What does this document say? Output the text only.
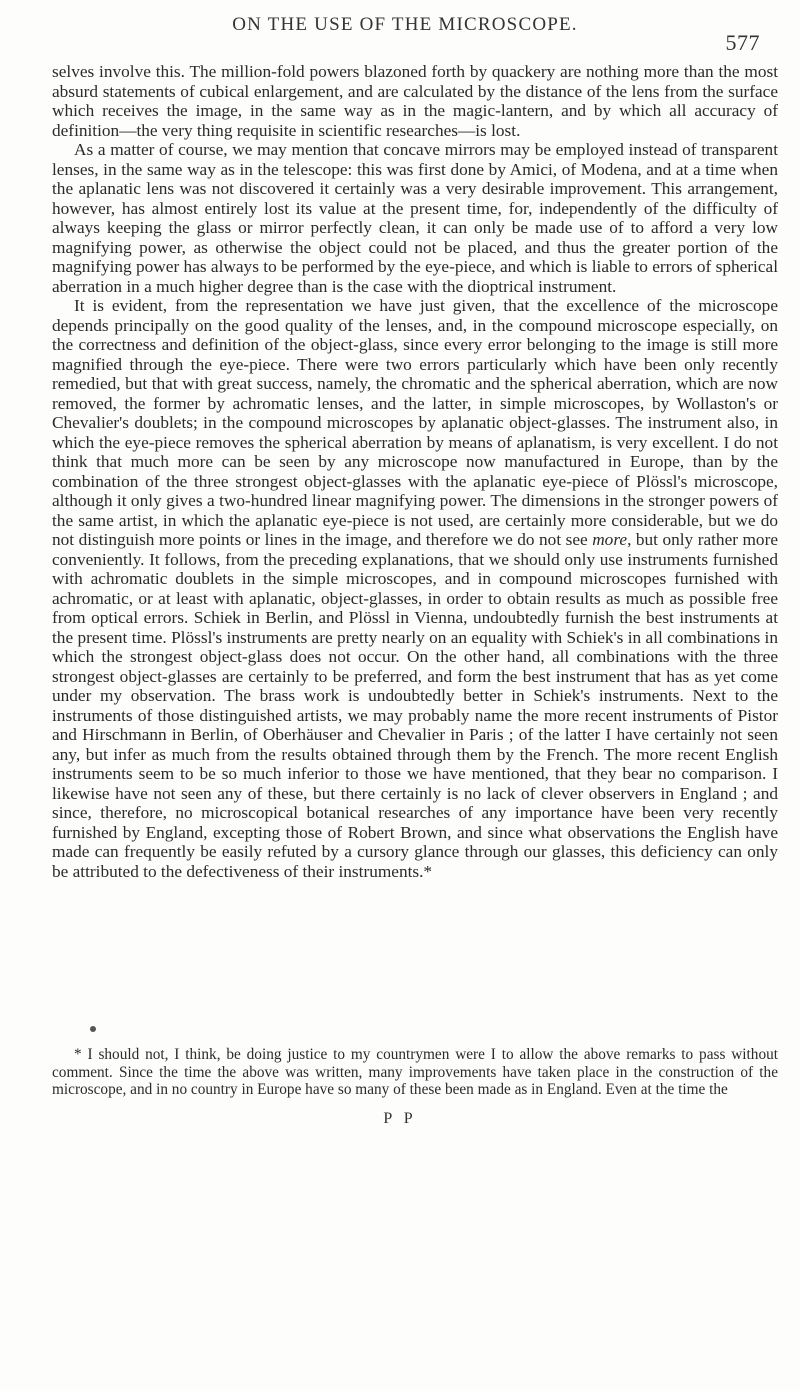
ON THE USE OF THE MICROSCOPE.
577

selves involve this. The million-fold powers blazoned forth by quackery are nothing more than the most absurd statements of cubical enlargement, and are calculated by the distance of the lens from the surface which receives the image, in the same way as in the magic-lantern, and by which all accuracy of definition—the very thing requisite in scientific researches—is lost.

As a matter of course, we may mention that concave mirrors may be employed instead of transparent lenses, in the same way as in the telescope: this was first done by Amici, of Modena, and at a time when the aplanatic lens was not discovered it certainly was a very desirable improvement. This arrangement, however, has almost entirely lost its value at the present time, for, independently of the difficulty of always keeping the glass or mirror perfectly clean, it can only be made use of to afford a very low magnifying power, as otherwise the object could not be placed, and thus the greater portion of the magnifying power has always to be performed by the eye-piece, and which is liable to errors of spherical aberration in a much higher degree than is the case with the dioptrical instrument.

It is evident, from the representation we have just given, that the excellence of the microscope depends principally on the good quality of the lenses, and, in the compound microscope especially, on the correctness and definition of the object-glass, since every error belonging to the image is still more magnified through the eye-piece. There were two errors particularly which have been only recently remedied, but that with great success, namely, the chromatic and the spherical aberration, which are now removed, the former by achromatic lenses, and the latter, in simple microscopes, by Wollaston's or Chevalier's doublets; in the compound microscopes by aplanatic object-glasses. The instrument also, in which the eye-piece removes the spherical aberration by means of aplanatism, is very excellent. I do not think that much more can be seen by any microscope now manufactured in Europe, than by the combination of the three strongest object-glasses with the aplanatic eye-piece of Plössl's microscope, although it only gives a two-hundred linear magnifying power. The dimensions in the stronger powers of the same artist, in which the aplanatic eye-piece is not used, are certainly more considerable, but we do not distinguish more points or lines in the image, and therefore we do not see more, but only rather more conveniently. It follows, from the preceding explanations, that we should only use instruments furnished with achromatic doublets in the simple microscopes, and in compound microscopes furnished with achromatic, or at least with aplanatic, object-glasses, in order to obtain results as much as possible free from optical errors. Schiek in Berlin, and Plössl in Vienna, undoubtedly furnish the best instruments at the present time. Plössl's instruments are pretty nearly on an equality with Schiek's in all combinations in which the strongest object-glass does not occur. On the other hand, all combinations with the three strongest object-glasses are certainly to be preferred, and form the best instrument that has as yet come under my observation. The brass work is undoubtedly better in Schiek's instruments. Next to the instruments of those distinguished artists, we may probably name the more recent instruments of Pistor and Hirschmann in Berlin, of Oberhäuser and Chevalier in Paris ; of the latter I have certainly not seen any, but infer as much from the results obtained through them by the French. The more recent English instruments seem to be so much inferior to those we have mentioned, that they bear no comparison. I likewise have not seen any of these, but there certainly is no lack of clever observers in England ; and since, therefore, no microscopical botanical researches of any importance have been very recently furnished by England, excepting those of Robert Brown, and since what observations the English have made can frequently be easily refuted by a cursory glance through our glasses, this deficiency can only be attributed to the defectiveness of their instruments.*

* I should not, I think, be doing justice to my countrymen were I to allow the above remarks to pass without comment. Since the time the above was written, many improvements have taken place in the construction of the microscope, and in no country in Europe have so many of these been made as in England. Even at the time the
P P
